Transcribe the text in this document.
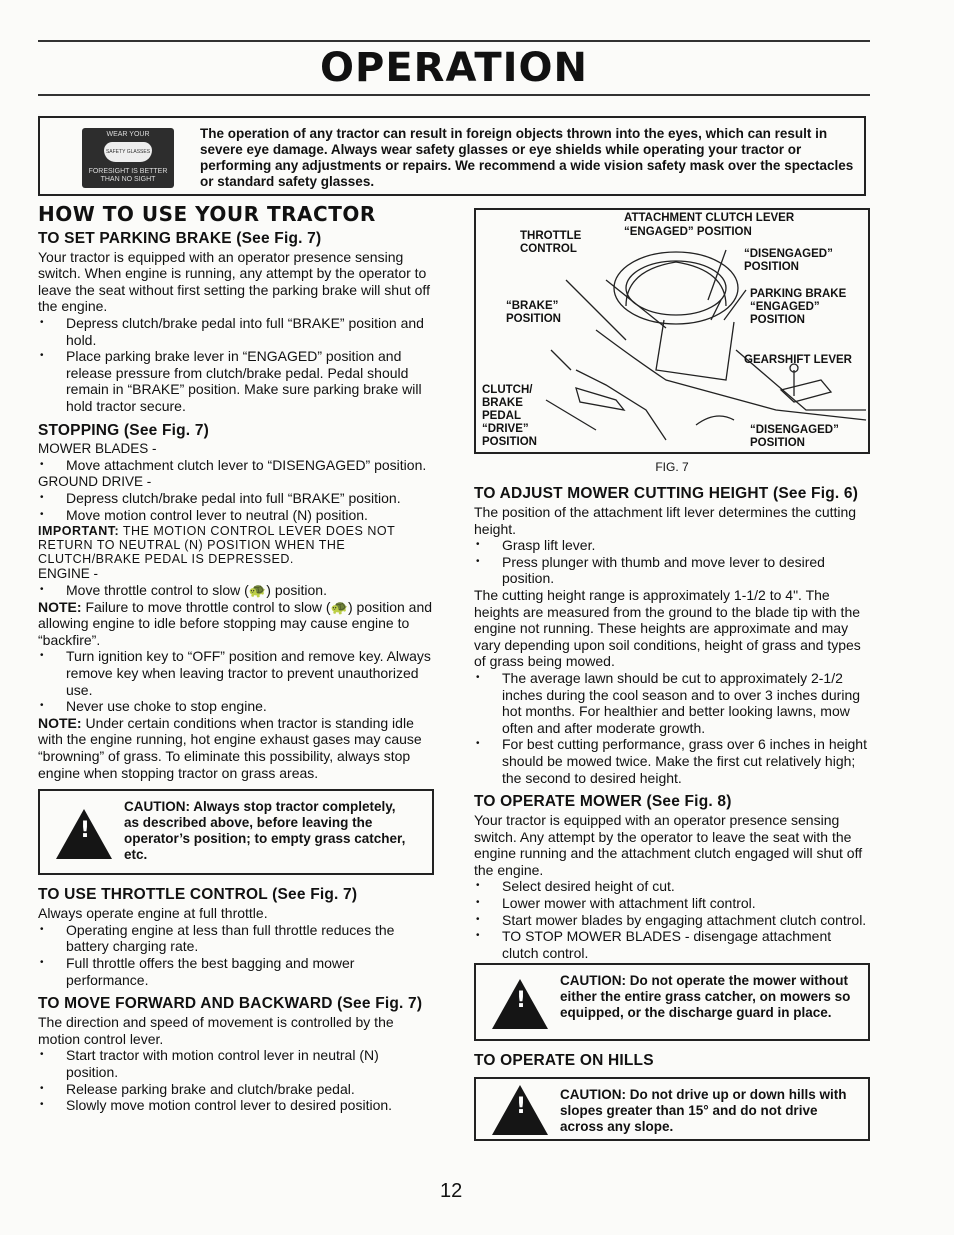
OPERATION
WEAR YOUR
SAFETY GLASSES
FORESIGHT IS BETTER THAN NO SIGHT
The operation of any tractor can result in foreign objects thrown into the eyes, which can result in severe eye damage. Always wear safety glasses or eye shields while operating your tractor or performing any adjustments or repairs. We recommend a wide vision safety mask over the spectacles or standard safety glasses.
HOW TO USE YOUR TRACTOR
TO SET PARKING BRAKE (See Fig. 7)

Your tractor is equipped with an operator presence sensing switch. When engine is running, any attempt by the operator to leave the seat without first setting the parking brake will shut off the engine.

• Depress clutch/brake pedal into full “BRAKE” position and hold.
• Place parking brake lever in “ENGAGED” position and release pressure from clutch/brake pedal. Pedal should remain in “BRAKE” position. Make sure parking brake will hold tractor secure.
STOPPING (See Fig. 7)

MOWER BLADES -

• Move attachment clutch lever to “DISENGAGED” position.

GROUND DRIVE -

• Depress clutch/brake pedal into full “BRAKE” position.
• Move motion control lever to neutral (N) position.

IMPORTANT: THE MOTION CONTROL LEVER DOES NOT RETURN TO NEUTRAL (N) POSITION WHEN THE CLUTCH/BRAKE PEDAL IS DEPRESSED.

ENGINE -

• Move throttle control to slow (🐢) position.

NOTE: Failure to move throttle control to slow (🐢) position and allowing engine to idle before stopping may cause engine to “backfire”.

• Turn ignition key to “OFF” position and remove key. Always remove key when leaving tractor to prevent unauthorized use.
• Never use choke to stop engine.

NOTE: Under certain conditions when tractor is standing idle with the engine running, hot engine exhaust gases may cause “browning” of grass. To eliminate this possibility, always stop engine when stopping tractor on grass areas.

!
CAUTION: Always stop tractor completely, as described above, before leaving the operator’s position; to empty grass catcher, etc.
TO USE THROTTLE CONTROL (See Fig. 7)

Always operate engine at full throttle.

• Operating engine at less than full throttle reduces the battery charging rate.
• Full throttle offers the best bagging and mower performance.
TO MOVE FORWARD AND BACKWARD (See Fig. 7)

The direction and speed of movement is controlled by the motion control lever.

• Start tractor with motion control lever in neutral (N) position.
• Release parking brake and clutch/brake pedal.
• Slowly move motion control lever to desired position.
ATTACHMENT CLUTCH LEVER
“ENGAGED” POSITION
THROTTLE CONTROL	“DISENGAGED” POSITION
“BRAKE” POSITION
PARKING BRAKE “ENGAGED” POSITION
GEARSHIFT LEVER
CLUTCH/ BRAKE PEDAL “DRIVE” POSITION
“DISENGAGED” POSITION
FIG. 7
TO ADJUST MOWER CUTTING HEIGHT (See Fig. 6)

The position of the attachment lift lever determines the cutting height.

• Grasp lift lever.
• Press plunger with thumb and move lever to desired position.

The cutting height range is approximately 1-1/2 to 4". The heights are measured from the ground to the blade tip with the engine not running. These heights are approximate and may vary depending upon soil conditions, height of grass and types of grass being mowed.

• The average lawn should be cut to approximately 2-1/2 inches during the cool season and to over 3 inches during hot months. For healthier and better looking lawns, mow often and after moderate growth.
• For best cutting performance, grass over 6 inches in height should be mowed twice. Make the first cut relatively high; the second to desired height.
TO OPERATE MOWER (See Fig. 8)

Your tractor is equipped with an operator presence sensing switch. Any attempt by the operator to leave the seat with the engine running and the attachment clutch engaged will shut off the engine.

• Select desired height of cut.
• Lower mower with attachment lift control.
• Start mower blades by engaging attachment clutch control.
• TO STOP MOWER BLADES - disengage attachment clutch control.
!
CAUTION: Do not operate the mower without either the entire grass catcher, on mowers so equipped, or the discharge guard in place.
TO OPERATE ON HILLS
!	CAUTION: Do not drive up or down hills with slopes greater than 15° and do not drive across any slope.
12
